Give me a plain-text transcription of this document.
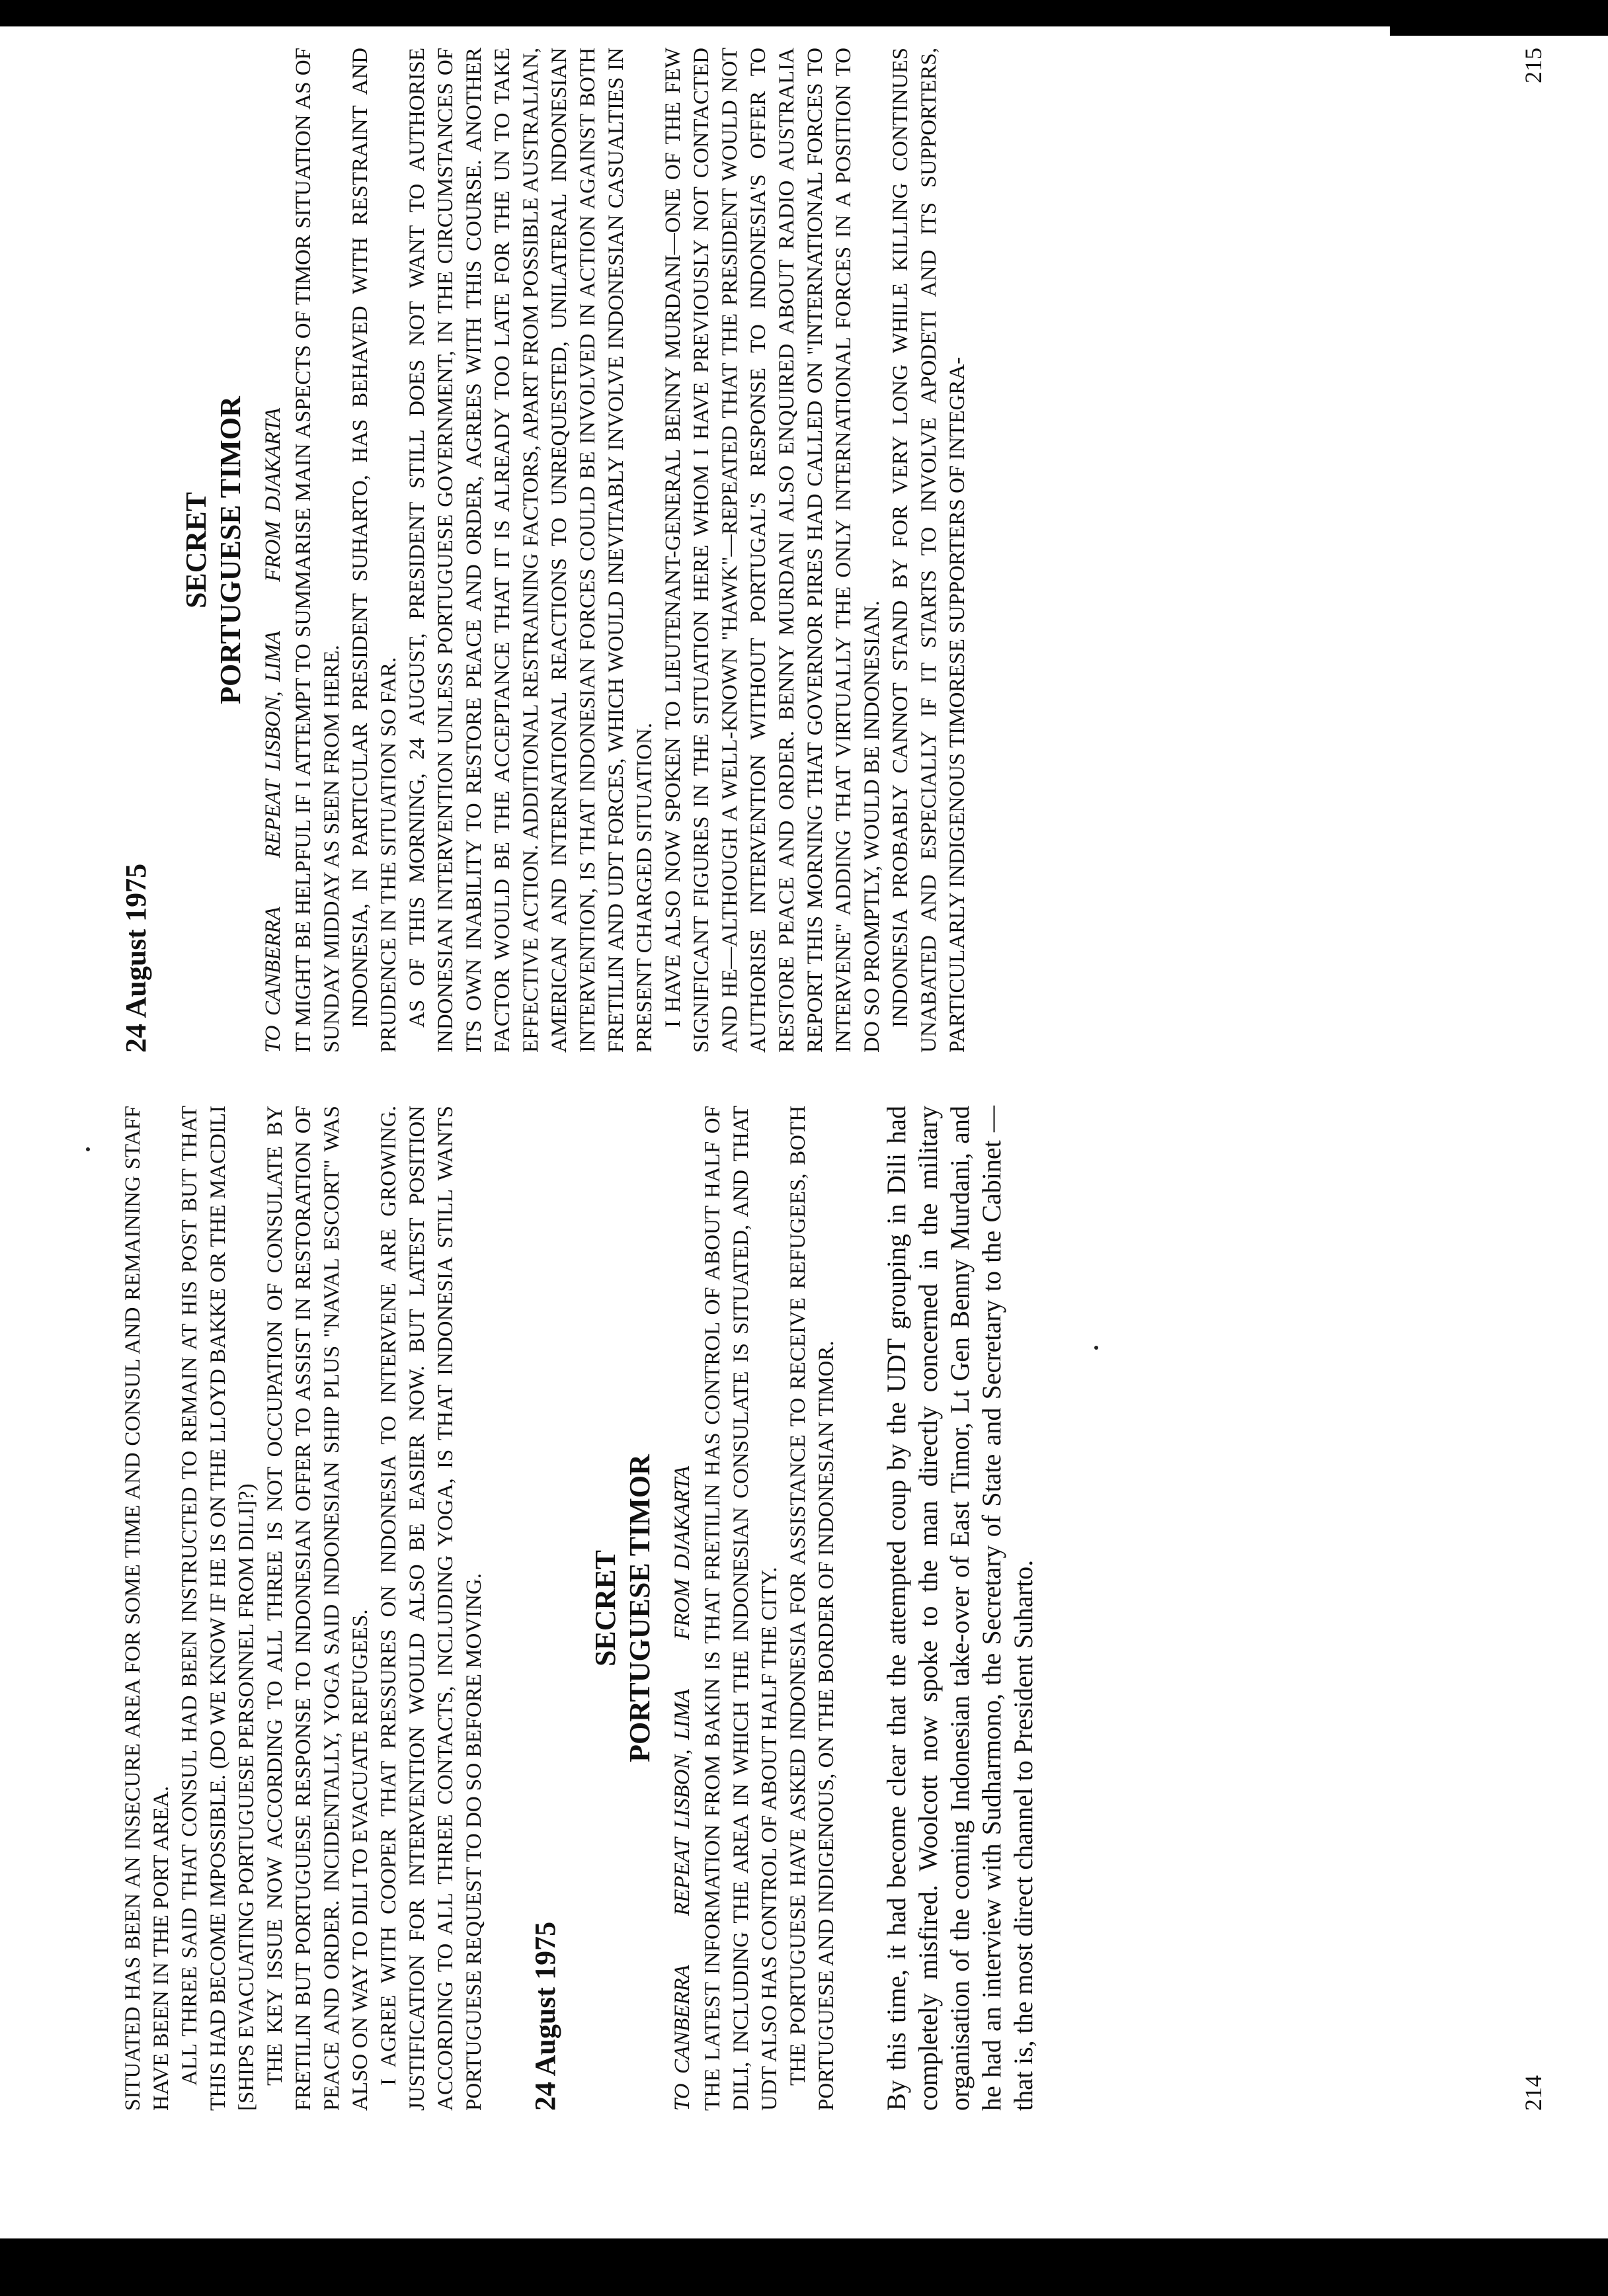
SITUATED HAS BEEN AN INSECURE AREA FOR SOME TIME AND CONSUL AND REMAINING STAFF HAVE BEEN IN THE PORT AREA. ALL THREE SAID THAT CONSUL HAD BEEN INSTRUCTED TO REMAIN AT HIS POST BUT THAT THIS HAD BECOME IMPOSSIBLE. (DO WE KNOW IF HE IS ON THE LLOYD BAKKE OR THE MACDILI [SHIPS EVACUATING PORTUGUESE PERSONNEL FROM DILI]?) THE KEY ISSUE NOW ACCORDING TO ALL THREE IS NOT OCCUPATION OF CONSULATE BY FRETILIN BUT PORTUGUESE RESPONSE TO INDONESIAN OFFER TO ASSIST IN RESTORATION OF PEACE AND ORDER. INCIDENTALLY, YOGA SAID INDONESIAN SHIP PLUS "NAVAL ESCORT" WAS ALSO ON WAY TO DILI TO EVACUATE REFUGEES. I AGREE WITH COOPER THAT PRESSURES ON INDONESIA TO INTERVENE ARE GROWING. JUSTIFICATION FOR INTERVENTION WOULD ALSO BE EASIER NOW. BUT LATEST POSITION ACCORDING TO ALL THREE CONTACTS, INCLUDING YOGA, IS THAT INDONESIA STILL WANTS PORTUGUESE REQUEST TO DO SO BEFORE MOVING. 24 August 1975
SECRET PORTUGUESE TIMOR
TO CANBERRA REPEAT LISBON, LIMA FROM DJAKARTA THE LATEST INFORMATION FROM BAKIN IS THAT FRETILIN HAS CONTROL OF ABOUT HALF OF DILI, INCLUDING THE AREA IN WHICH THE INDONESIAN CONSULATE IS SITUATED, AND THAT UDT ALSO HAS CONTROL OF ABOUT HALF THE CITY. THE PORTUGUESE HAVE ASKED INDONESIA FOR ASSISTANCE TO RECEIVE REFUGEES, BOTH PORTUGUESE AND INDIGENOUS, ON THE BORDER OF INDONESIAN TIMOR. By this time, it had become clear that the attempted coup by the UDT grouping in Dili had completely misfired. Woolcott now spoke to the man directly concerned in the military organisation of the coming Indonesian take-over of East Timor, Lt Gen Benny Murdani, and he had an interview with Sudharmono, the Secretary of State and Secretary to the Cabinet — that is, the most direct channel to President Suharto.	214
24 August 1975
SECRET PORTUGUESE TIMOR
TO CANBERRA REPEAT LISBON, LIMA FROM DJAKARTA IT MIGHT BE HELPFUL IF I ATTEMPT TO SUMMARISE MAIN ASPECTS OF TIMOR SITUATION AS OF SUNDAY MIDDAY AS SEEN FROM HERE. INDONESIA, IN PARTICULAR PRESIDENT SUHARTO, HAS BEHAVED WITH RESTRAINT AND PRUDENCE IN THE SITUATION SO FAR. AS OF THIS MORNING, 24 AUGUST, PRESIDENT STILL DOES NOT WANT TO AUTHORISE INDONESIAN INTERVENTION UNLESS PORTUGUESE GOVERNMENT, IN THE CIRCUMSTANCES OF ITS OWN INABILITY TO RESTORE PEACE AND ORDER, AGREES WITH THIS COURSE. ANOTHER FACTOR WOULD BE THE ACCEPTANCE THAT IT IS ALREADY TOO LATE FOR THE UN TO TAKE EFFECTIVE ACTION. ADDITIONAL RESTRAINING FACTORS, APART FROM POSSIBLE AUSTRALIAN, AMERICAN AND INTERNATIONAL REACTIONS TO UNREQUESTED, UNILATERAL INDONESIAN INTERVENTION, IS THAT INDONESIAN FORCES COULD BE INVOLVED IN ACTION AGAINST BOTH FRETILIN AND UDT FORCES, WHICH WOULD INEVITABLY INVOLVE INDONESIAN CASUALTIES IN PRESENT CHARGED SITUATION. I HAVE ALSO NOW SPOKEN TO LIEUTENANT-GENERAL BENNY MURDANI—ONE OF THE FEW SIGNIFICANT FIGURES IN THE SITUATION HERE WHOM I HAVE PREVIOUSLY NOT CONTACTED AND HE—ALTHOUGH A WELL-KNOWN "HAWK"—REPEATED THAT THE PRESIDENT WOULD NOT AUTHORISE INTERVENTION WITHOUT PORTUGAL'S RESPONSE TO INDONESIA'S OFFER TO RESTORE PEACE AND ORDER. BENNY MURDANI ALSO ENQUIRED ABOUT RADIO AUSTRALIA REPORT THIS MORNING THAT GOVERNOR PIRES HAD CALLED ON "INTERNATIONAL FORCES TO INTERVENE" ADDING THAT VIRTUALLY THE ONLY INTERNATIONAL FORCES IN A POSITION TO DO SO PROMPTLY, WOULD BE INDONESIAN. INDONESIA PROBABLY CANNOT STAND BY FOR VERY LONG WHILE KILLING CONTINUES UNABATED AND ESPECIALLY IF IT STARTS TO INVOLVE APODETI AND ITS SUPPORTERS, PARTICULARLY INDIGENOUS TIMORESE SUPPORTERS OF INTEGRA-

215
